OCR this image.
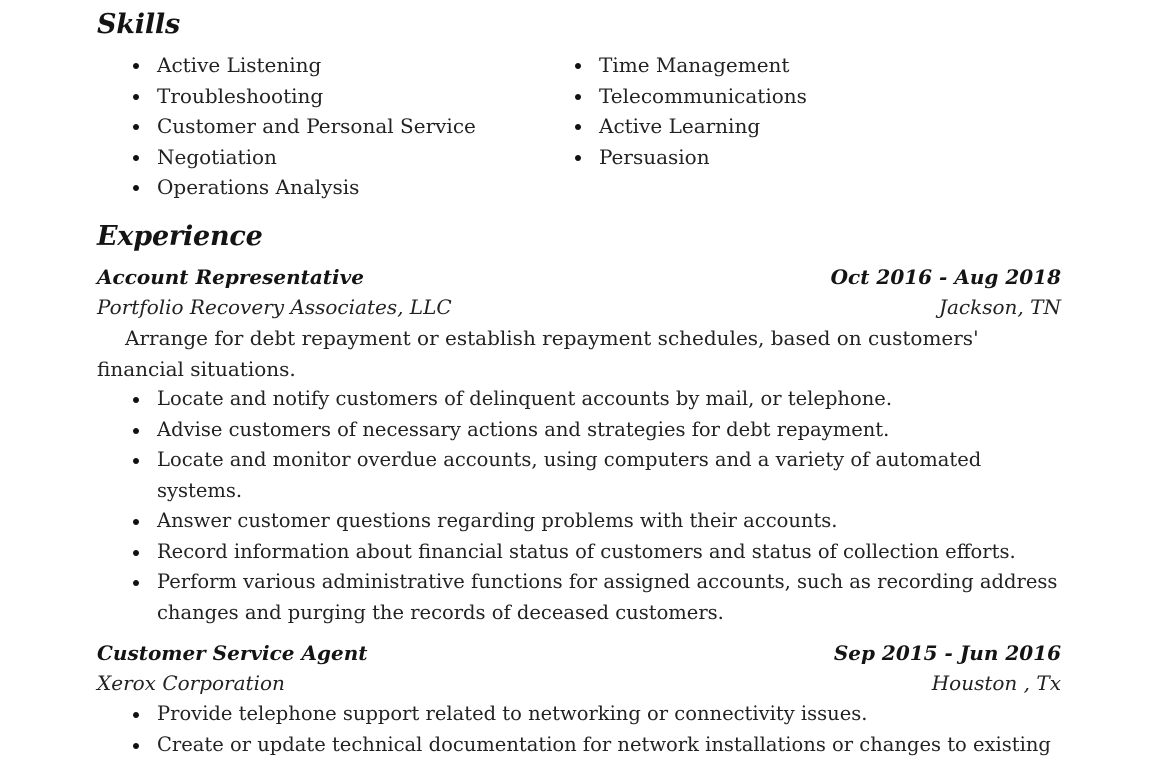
Skills
Active Listening
Troubleshooting
Customer and Personal Service
Negotiation
Operations Analysis
Time Management
Telecommunications
Active Learning
Persuasion
Experience
Account Representative	Oct 2016 - Aug 2018
Portfolio Recovery Associates, LLC	Jackson, TN
Arrange for debt repayment or establish repayment schedules, based on customers' financial situations.
Locate and notify customers of delinquent accounts by mail, or telephone.
Advise customers of necessary actions and strategies for debt repayment.
Locate and monitor overdue accounts, using computers and a variety of automated systems.
Answer customer questions regarding problems with their accounts.
Record information about financial status of customers and status of collection efforts.
Perform various administrative functions for assigned accounts, such as recording address changes and purging the records of deceased customers.
Customer Service Agent	Sep 2015 - Jun 2016
Xerox Corporation	Houston , Tx
Provide telephone support related to networking or connectivity issues.
Create or update technical documentation for network installations or changes to existing
